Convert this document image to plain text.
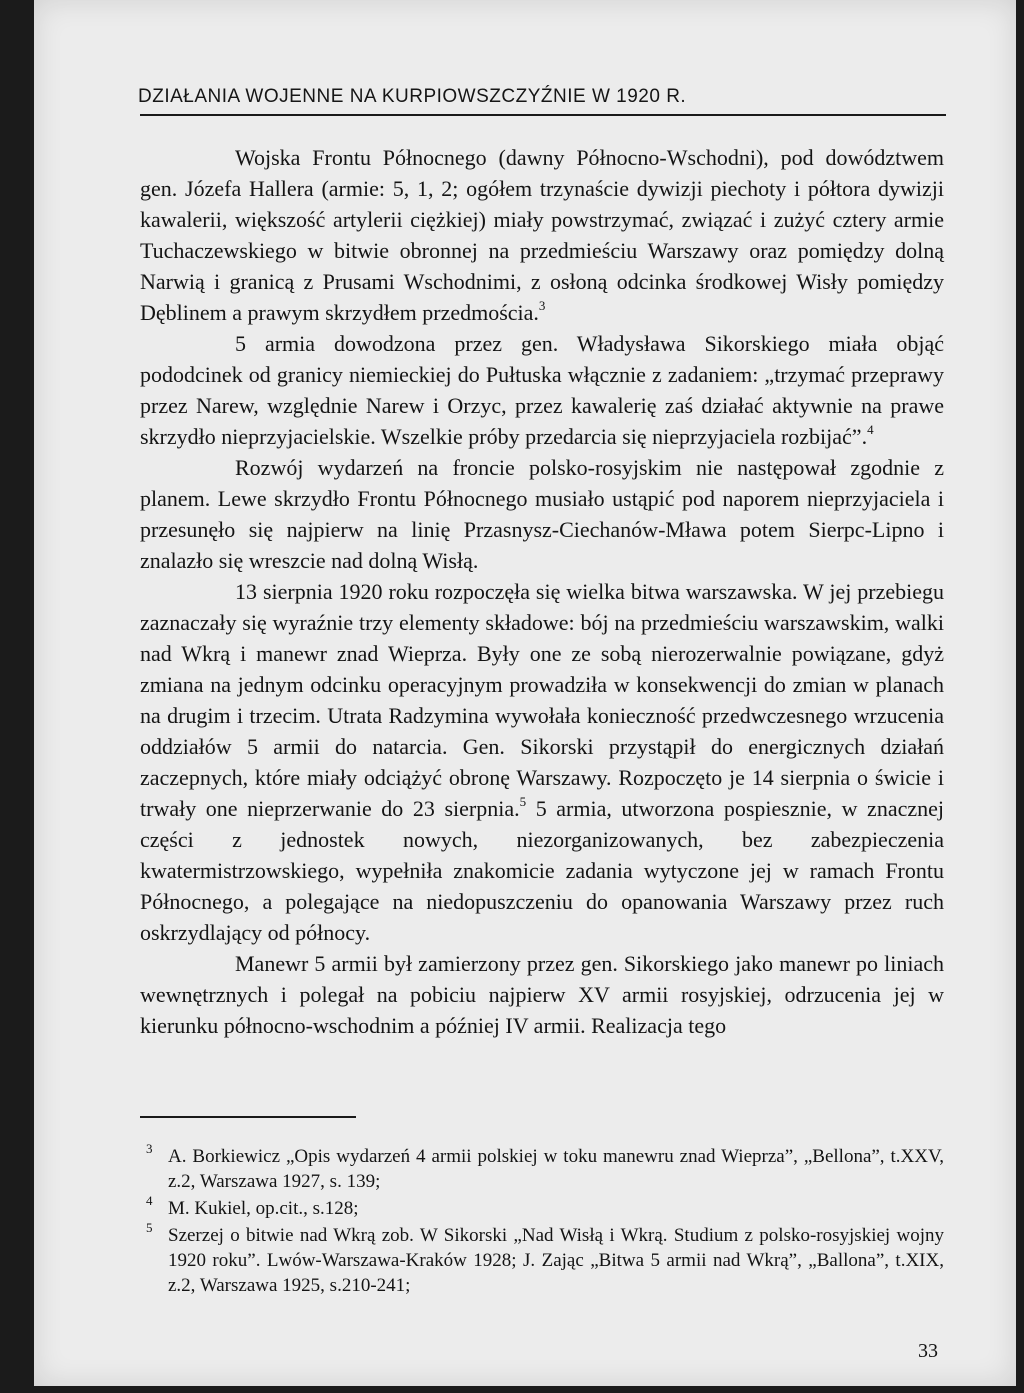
DZIAŁANIA WOJENNE NA KURPIOWSZCZYŹNIE W 1920 R.

Wojska Frontu Północnego (dawny Północno-Wschodni), pod dowództwem gen. Józefa Hallera (armie: 5, 1, 2; ogółem trzynaście dywizji piechoty i półtora dywizji kawalerii, większość artylerii ciężkiej) miały powstrzymać, związać i zużyć cztery armie Tuchaczewskiego w bitwie obronnej na przedmieściu Warszawy oraz pomiędzy dolną Narwią i granicą z Prusami Wschodnimi, z osłoną odcinka środkowej Wisły pomiędzy Dęblinem a prawym skrzydłem przedmościa.$^3$

5 armia dowodzona przez gen. Władysława Sikorskiego miała objąć pododcinek od granicy niemieckiej do Pułtuska włącznie z zadaniem: „trzymać przeprawy przez Narew, względnie Narew i Orzyc, przez kawalerię zaś działać aktywnie na prawe skrzydło nieprzyjacielskie. Wszelkie próby przedarcia się nieprzyjaciela rozbijać”.$^4$

Rozwój wydarzeń na froncie polsko-rosyjskim nie następował zgodnie z planem. Lewe skrzydło Frontu Północnego musiało ustąpić pod naporem nieprzyjaciela i przesunęło się najpierw na linię Przasnysz-Ciechanów-Mława potem Sierpc-Lipno i znalazło się wreszcie nad dolną Wisłą.

13 sierpnia 1920 roku rozpoczęła się wielka bitwa warszawska. W jej przebiegu zaznaczały się wyraźnie trzy elementy składowe: bój na przedmieściu warszawskim, walki nad Wkrą i manewr znad Wieprza. Były one ze sobą nierozerwalnie powiązane, gdyż zmiana na jednym odcinku operacyjnym prowadziła w konsekwencji do zmian w planach na drugim i trzecim. Utrata Radzymina wywołała konieczność przedwczesnego wrzucenia oddziałów 5 armii do natarcia. Gen. Sikorski przystąpił do energicznych działań zaczepnych, które miały odciążyć obronę Warszawy. Rozpoczęto je 14 sierpnia o świcie i trwały one nieprzerwanie do 23 sierpnia.$^5$ 5 armia, utworzona pospiesznie, w znacznej części z jednostek nowych, niezorganizowanych, bez zabezpieczenia kwatermistrzowskiego, wypełniła znakomicie zadania wytyczone jej w ramach Frontu Północnego, a polegające na niedopuszczeniu do opanowania Warszawy przez ruch oskrzydlający od północy.

Manewr 5 armii był zamierzony przez gen. Sikorskiego jako manewr po liniach wewnętrznych i polegał na pobiciu najpierw XV armii rosyjskiej, odrzucenia jej w kierunku północno-wschodnim a później IV armii. Realizacja tego

3 A. Borkiewicz „Opis wydarzeń 4 armii polskiej w toku manewru znad Wieprza”, „Bellona”, t.XXV, z.2, Warszawa 1927, s. 139;
4 M. Kukiel, op.cit., s.128;
5 Szerzej o bitwie nad Wkrą zob. W Sikorski „Nad Wisłą i Wkrą. Studium z polsko-rosyjskiej wojny 1920 roku”. Lwów-Warszawa-Kraków 1928; J. Zając „Bitwa 5 armii nad Wkrą”, „Ballona”, t.XIX, z.2, Warszawa 1925, s.210-241;
33
